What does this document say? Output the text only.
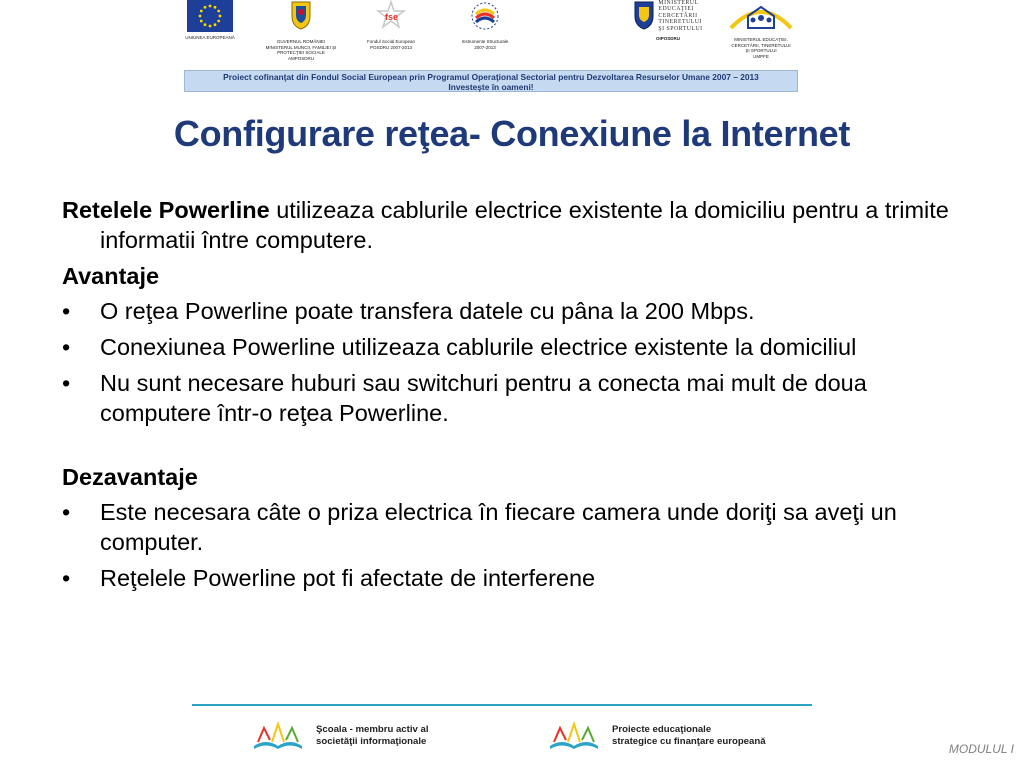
UNIUNEA EUROPEANĂ
GUVERNUL ROMÂNIEI
MINISTERUL MUNCII, FAMILIEI ŞI
PROTECŢIEI SOCIALE
AMPOSDRU
fse
Fondul Social European
POSDRU 2007-2013
Instrumente Structurale
2007-2013
MINISTERUL
EDUCAŢIEI
CERCETĂRII
TINERETULUI
ŞI SPORTULUI
OIPOSDRU	MINISTERUL EDUCAŢIEI,
CERCETĂRII, TINERETULUI
ŞI SPORTULUI
UMPFE
Proiect cofinanţat din Fondul Social European prin Programul Operaţional Sectorial pentru Dezvoltarea Resurselor Umane 2007 – 2013
Investeşte în oameni!
Configurare reţea- Conexiune la Internet

Retelele Powerline utilizeaza cablurile electrice existente la domiciliu pentru a trimite informatii între computere.

Avantaje
•	O reţea Powerline poate transfera datele cu pâna la 200 Mbps.
•	Conexiunea Powerline utilizeaza cablurile electrice existente la domiciliul
•	Nu sunt necesare huburi sau switchuri pentru a conecta mai mult de doua computere într-o reţea Powerline.
Dezavantaje
•	Este necesara câte o priza electrica în fiecare camera unde doriţi sa aveţi un computer.
•	Reţelele Powerline pot fi afectate de interferene
Şcoala - membru activ al
societăţii informaţionale
Proiecte educaţionale
strategice cu finanţare europeană
MODULUL I
